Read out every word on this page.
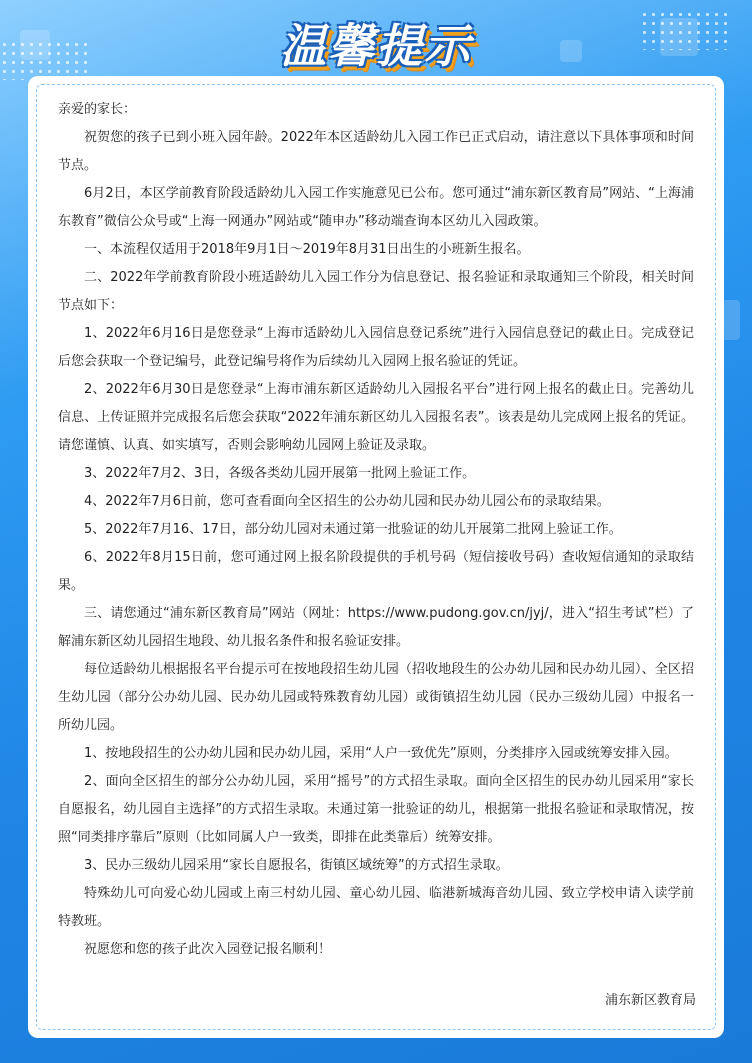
温馨提示

亲爱的家长：

祝贺您的孩子已到小班入园年龄。2022年本区适龄幼儿入园工作已正式启动，请注意以下具体事项和时间节点。

6月2日，本区学前教育阶段适龄幼儿入园工作实施意见已公布。您可通过“浦东新区教育局”网站、“上海浦东教育”微信公众号或“上海一网通办”网站或“随申办”移动端查询本区幼儿入园政策。

一、本流程仅适用于2018年9月1日～2019年8月31日出生的小班新生报名。

二、2022年学前教育阶段小班适龄幼儿入园工作分为信息登记、报名验证和录取通知三个阶段，相关时间节点如下：

1、2022年6月16日是您登录“上海市适龄幼儿入园信息登记系统”进行入园信息登记的截止日。完成登记后您会获取一个登记编号，此登记编号将作为后续幼儿入园网上报名验证的凭证。

2、2022年6月30日是您登录“上海市浦东新区适龄幼儿入园报名平台”进行网上报名的截止日。完善幼儿信息、上传证照并完成报名后您会获取“2022年浦东新区幼儿入园报名表”。该表是幼儿完成网上报名的凭证。请您谨慎、认真、如实填写，否则会影响幼儿园网上验证及录取。

3、2022年7月2、3日，各级各类幼儿园开展第一批网上验证工作。

4、2022年7月6日前，您可查看面向全区招生的公办幼儿园和民办幼儿园公布的录取结果。

5、2022年7月16、17日，部分幼儿园对未通过第一批验证的幼儿开展第二批网上验证工作。

6、2022年8月15日前，您可通过网上报名阶段提供的手机号码（短信接收号码）查收短信通知的录取结果。

三、请您通过“浦东新区教育局”网站（网址：https://www.pudong.gov.cn/jyj/，进入“招生考试”栏）了解浦东新区幼儿园招生地段、幼儿报名条件和报名验证安排。

每位适龄幼儿根据报名平台提示可在按地段招生幼儿园（招收地段生的公办幼儿园和民办幼儿园）、全区招生幼儿园（部分公办幼儿园、民办幼儿园或特殊教育幼儿园）或街镇招生幼儿园（民办三级幼儿园）中报名一所幼儿园。

1、按地段招生的公办幼儿园和民办幼儿园，采用“人户一致优先”原则，分类排序入园或统筹安排入园。

2、面向全区招生的部分公办幼儿园，采用“摇号”的方式招生录取。面向全区招生的民办幼儿园采用“家长自愿报名，幼儿园自主选择”的方式招生录取。未通过第一批验证的幼儿，根据第一批报名验证和录取情况，按照“同类排序靠后”原则（比如同属人户一致类，即排在此类靠后）统筹安排。

3、民办三级幼儿园采用“家长自愿报名，街镇区域统筹”的方式招生录取。

特殊幼儿可向爱心幼儿园或上南三村幼儿园、童心幼儿园、临港新城海音幼儿园、致立学校申请入读学前特教班。

祝愿您和您的孩子此次入园登记报名顺利！

浦东新区教育局
